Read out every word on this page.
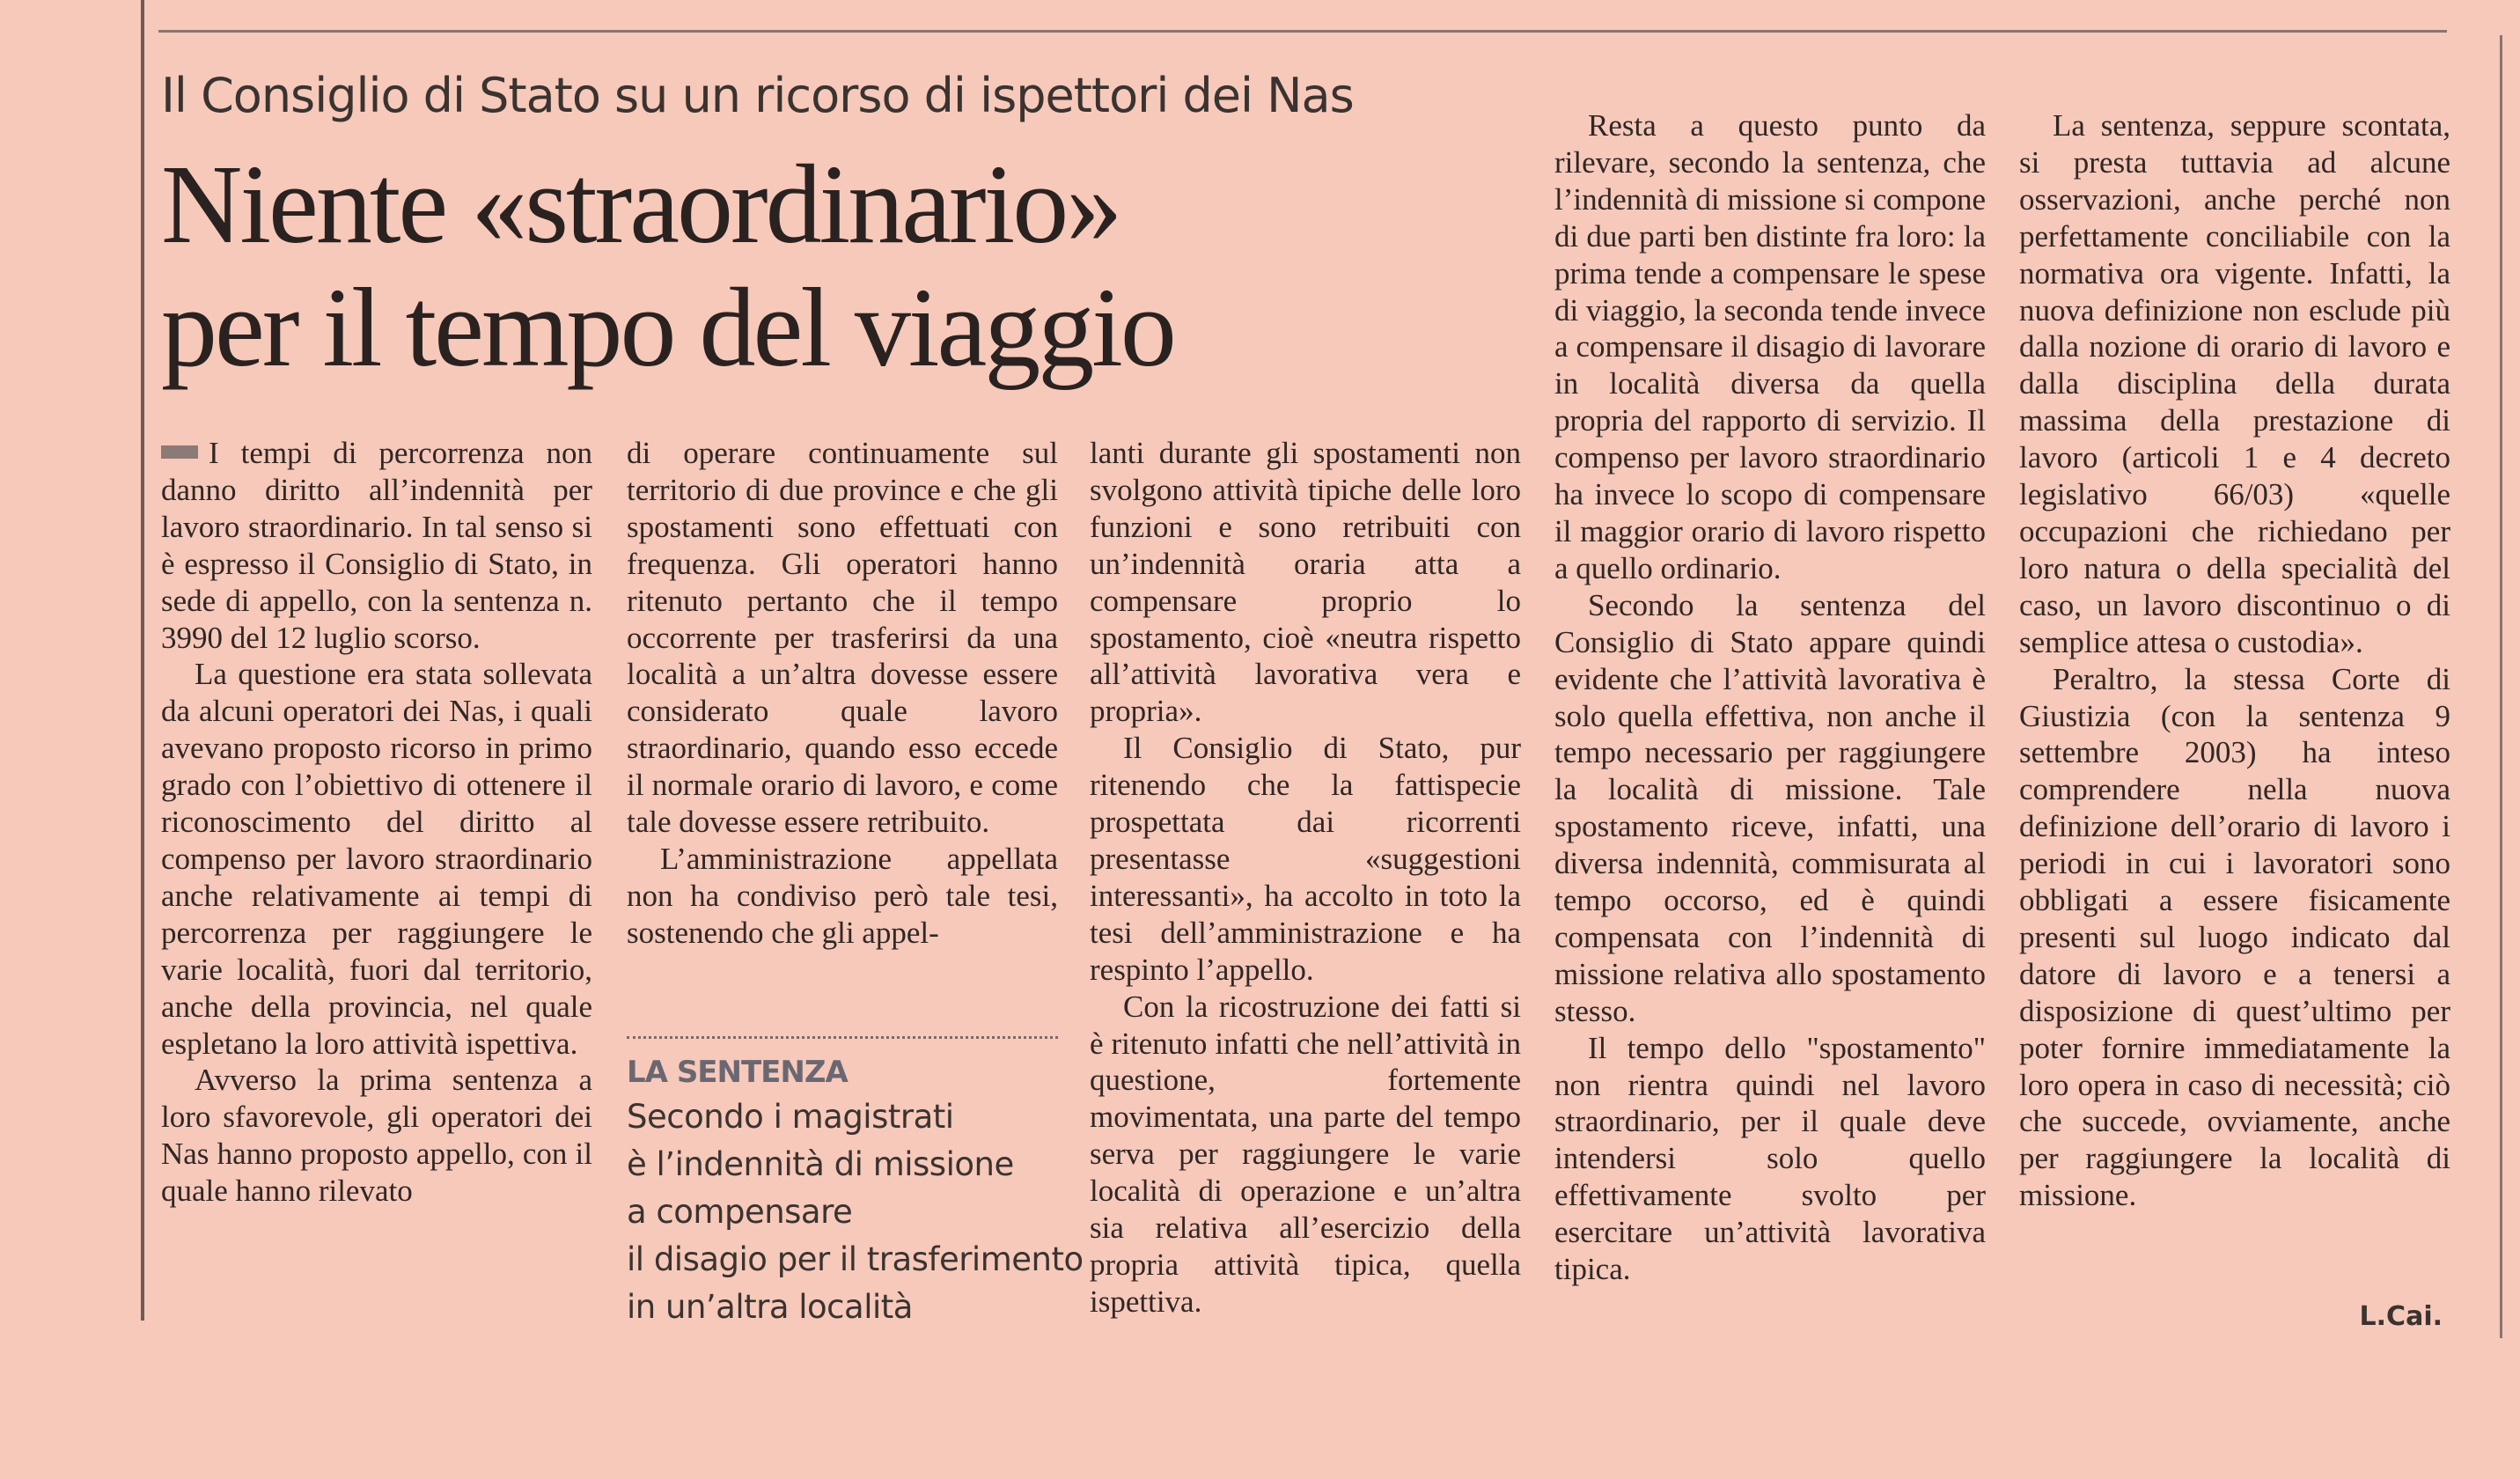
Il Consiglio di Stato su un ricorso di ispettori dei Nas
Niente «straordinario»
per il tempo del viaggio

I tempi di percorrenza non danno diritto all’indennità per lavoro straordinario. In tal senso si è espresso il Consiglio di Stato, in sede di appello, con la sentenza n. 3990 del 12 luglio scorso.

La questione era stata sollevata da alcuni operatori dei Nas, i quali avevano proposto ricorso in primo grado con l’obiettivo di ottenere il riconoscimento del diritto al compenso per lavoro straordinario anche relativamente ai tempi di percorrenza per raggiungere le varie località, fuori dal territorio, anche della provincia, nel quale espletano la loro attività ispettiva.

Avverso la prima sentenza a loro sfavorevole, gli operatori dei Nas hanno proposto appello, con il quale hanno rilevato

di operare continuamente sul territorio di due province e che gli spostamenti sono effettuati con frequenza. Gli operatori hanno ritenuto pertanto che il tempo occorrente per trasferirsi da una località a un’altra dovesse essere considerato quale lavoro straordinario, quando esso eccede il normale orario di lavoro, e come tale dovesse essere retribuito.

L’amministrazione appellata non ha condiviso però tale tesi, sostenendo che gli appel-

LA SENTENZA
Secondo i magistrati
è l’indennità di missione
a compensare
il disagio per il trasferimento
in un’altra località

lanti durante gli spostamenti non svolgono attività tipiche delle loro funzioni e sono retribuiti con un’indennità oraria atta a compensare proprio lo spostamento, cioè «neutra rispetto all’attività lavorativa vera e propria».

Il Consiglio di Stato, pur ritenendo che la fattispecie prospettata dai ricorrenti presentasse «suggestioni interessanti», ha accolto in toto la tesi dell’amministrazione e ha respinto l’appello.

Con la ricostruzione dei fatti si è ritenuto infatti che nell’attività in questione, fortemente movimentata, una parte del tempo serva per raggiungere le varie località di operazione e un’altra sia relativa all’esercizio della propria attività tipica, quella ispettiva.

Resta a questo punto da rilevare, secondo la sentenza, che l’indennità di missione si compone di due parti ben distinte fra loro: la prima tende a compensare le spese di viaggio, la seconda tende invece a compensare il disagio di lavorare in località diversa da quella propria del rapporto di servizio. Il compenso per lavoro straordinario ha invece lo scopo di compensare il maggior orario di lavoro rispetto a quello ordinario.

Secondo la sentenza del Consiglio di Stato appare quindi evidente che l’attività lavorativa è solo quella effettiva, non anche il tempo necessario per raggiungere la località di missione. Tale spostamento riceve, infatti, una diversa indennità, commisurata al tempo occorso, ed è quindi compensata con l’indennità di missione relativa allo spostamento stesso.

Il tempo dello "spostamento" non rientra quindi nel lavoro straordinario, per il quale deve intendersi solo quello effettivamente svolto per esercitare un’attività lavorativa tipica.

La sentenza, seppure scontata, si presta tuttavia ad alcune osservazioni, anche perché non perfettamente conciliabile con la normativa ora vigente. Infatti, la nuova definizione non esclude più dalla nozione di orario di lavoro e dalla disciplina della durata massima della prestazione di lavoro (articoli 1 e 4 decreto legislativo 66/03) «quelle occupazioni che richiedano per loro natura o della specialità del caso, un lavoro discontinuo o di semplice attesa o custodia».

Peraltro, la stessa Corte di Giustizia (con la sentenza 9 settembre 2003) ha inteso comprendere nella nuova definizione dell’orario di lavoro i periodi in cui i lavoratori sono obbligati a essere fisicamente presenti sul luogo indicato dal datore di lavoro e a tenersi a disposizione di quest’ultimo per poter fornire immediatamente la loro opera in caso di necessità; ciò che succede, ovviamente, anche per raggiungere la località di missione.

L.Cai.
